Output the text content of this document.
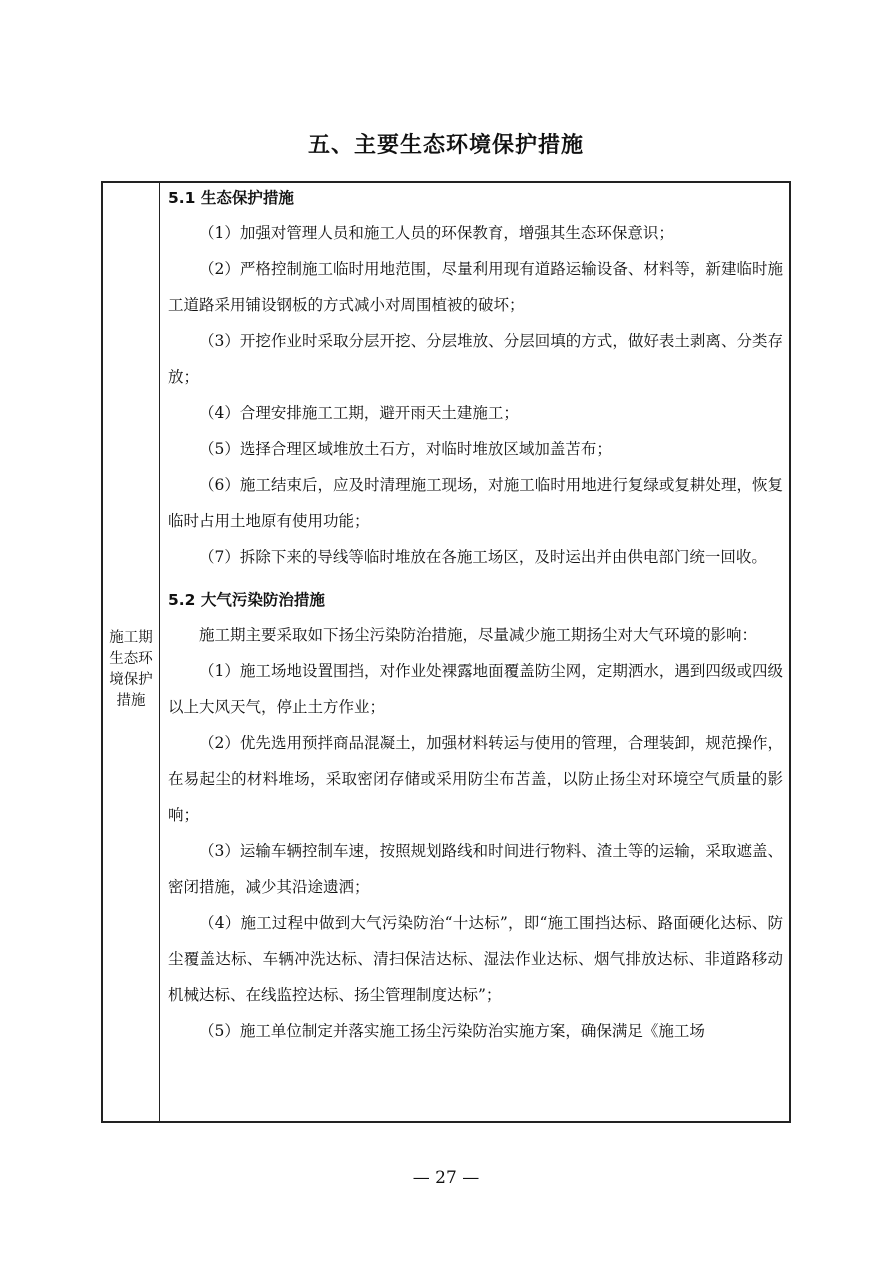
五、主要生态环境保护措施
施工期生态环境保护措施

5.1 生态保护措施

（1）加强对管理人员和施工人员的环保教育，增强其生态环保意识；

（2）严格控制施工临时用地范围，尽量利用现有道路运输设备、材料等，新建临时施工道路采用铺设钢板的方式减小对周围植被的破坏；

（3）开挖作业时采取分层开挖、分层堆放、分层回填的方式，做好表土剥离、分类存放；

（4）合理安排施工工期，避开雨天土建施工；

（5）选择合理区域堆放土石方，对临时堆放区域加盖苫布；

（6）施工结束后，应及时清理施工现场，对施工临时用地进行复绿或复耕处理，恢复临时占用土地原有使用功能；

（7）拆除下来的导线等临时堆放在各施工场区，及时运出并由供电部门统一回收。

5.2 大气污染防治措施

施工期主要采取如下扬尘污染防治措施，尽量减少施工期扬尘对大气环境的影响：

（1）施工场地设置围挡，对作业处裸露地面覆盖防尘网，定期洒水，遇到四级或四级以上大风天气，停止土方作业；

（2）优先选用预拌商品混凝土，加强材料转运与使用的管理，合理装卸，规范操作，在易起尘的材料堆场，采取密闭存储或采用防尘布苫盖，以防止扬尘对环境空气质量的影响；

（3）运输车辆控制车速，按照规划路线和时间进行物料、渣土等的运输，采取遮盖、密闭措施，减少其沿途遗洒；

（4）施工过程中做到大气污染防治“十达标”，即“施工围挡达标、路面硬化达标、防尘覆盖达标、车辆冲洗达标、清扫保洁达标、湿法作业达标、烟气排放达标、非道路移动机械达标、在线监控达标、扬尘管理制度达标”；

（5）施工单位制定并落实施工扬尘污染防治实施方案，确保满足《施工场

— 27 —
